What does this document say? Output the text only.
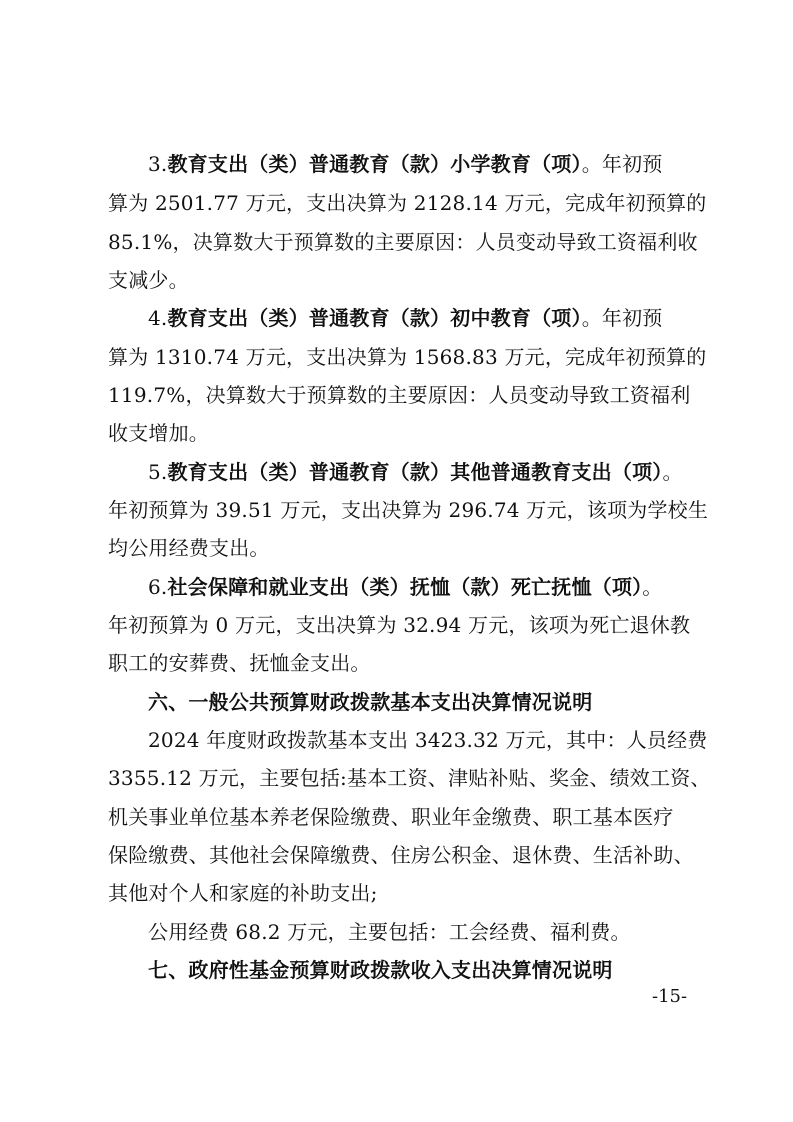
3.教育支出（类）普通教育（款）小学教育（项）。年初预
算为 2501.77 万元，支出决算为 2128.14 万元，完成年初预算的
85.1%，决算数大于预算数的主要原因：人员变动导致工资福利收
支减少。
4.教育支出（类）普通教育（款）初中教育（项）。年初预
算为 1310.74 万元，支出决算为 1568.83 万元，完成年初预算的
119.7%，决算数大于预算数的主要原因：人员变动导致工资福利
收支增加。
5.教育支出（类）普通教育（款）其他普通教育支出（项）。
年初预算为 39.51 万元，支出决算为 296.74 万元，该项为学校生
均公用经费支出。
6.社会保障和就业支出（类）抚恤（款）死亡抚恤（项）。
年初预算为 0 万元，支出决算为 32.94 万元，该项为死亡退休教
职工的安葬费、抚恤金支出。
六、一般公共预算财政拨款基本支出决算情况说明
2024 年度财政拨款基本支出 3423.32 万元，其中：人员经费
3355.12 万元，主要包括:基本工资、津贴补贴、奖金、绩效工资、
机关事业单位基本养老保险缴费、职业年金缴费、职工基本医疗
保险缴费、其他社会保障缴费、住房公积金、退休费、生活补助、
其他对个人和家庭的补助支出;
公用经费 68.2 万元，主要包括：工会经费、福利费。
七、政府性基金预算财政拨款收入支出决算情况说明
-15-
